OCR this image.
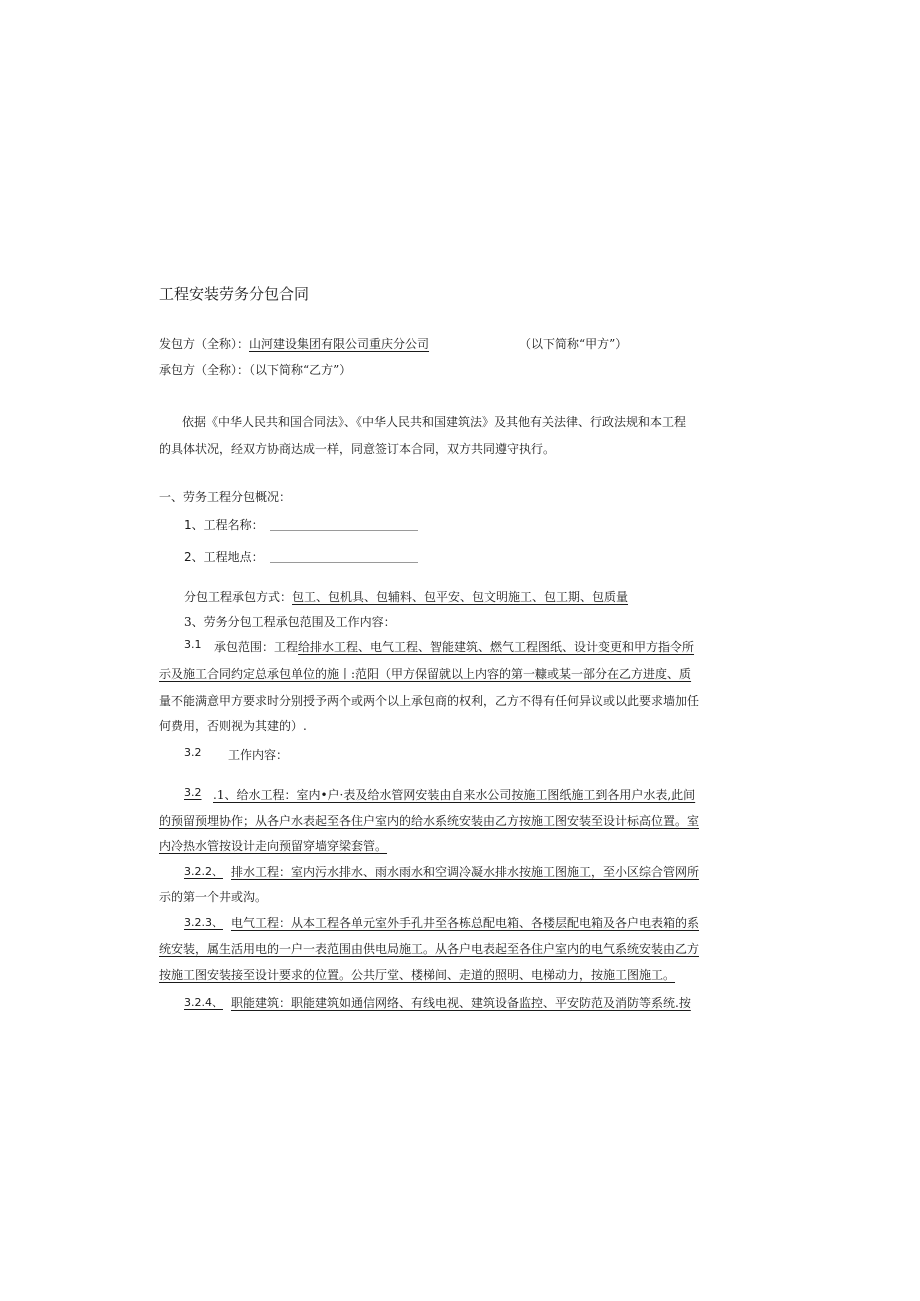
工程安装劳务分包合同
发包方（全称）：山河建设集团有限公司重庆分公司	（以下简称“甲方”）
承包方（全称）：（以下简称“乙方”）
依据《中华人民共和国合同法》、《中华人民共和国建筑法》及其他有关法律、行政法规和本工程
的具体状况，经双方协商达成一样，同意签订本合同，双方共同遵守执行。
一、劳务工程分包概况：
1、工程名称：
2、工程地点：
分包工程承包方式：包工、包机具、包辅料、包平安、包文明施工、包工期、包质量
3、劳务分包工程承包范围及工作内容：
3.1 承包范围：工程给排水工程、电气工程、智能建筑、燃气工程图纸、设计变更和甲方指令所
示及施工合同约定总承包单位的施丨:范阳（甲方保留就以上内容的第一糠或某一部分在乙方进度、质
量不能满意甲方要求时分别授予两个或两个以上承包商的权利，乙方不得有任何异议或以此要求墙加任
何费用，否则视为其建的）.
3.2 工作内容：
3.2 .1、给水工程：室内•户·表及给水管网安装由自来水公司按施工图纸施工到各用户水表,此间
的预留预埋协作；从各户水表起至各住户室内的给水系统安装由乙方按施工图安装至设计标高位置。室
内冷热水管按设计走向预留穿墙穿梁套管。
3.2.2、 排水工程：室内污水排水、雨水雨水和空调冷凝水排水按施工图施工，至小区综合管网所
示的第一个井或沟。
3.2.3、 电气工程：从本工程各单元室外手孔井至各栋总配电箱、各楼层配电箱及各户电表箱的系
统安装，属生活用电的一户一表范围由供电局施工。从各户电表起至各住户室内的电气系统安装由乙方
按施工图安装接至设计要求的位置。公共厅堂、楼梯间、走道的照明、电梯动力，按施工图施工。
3.2.4、 职能建筑：职能建筑如通信网络、有线电视、建筑设备监控、平安防范及消防等系统.按
